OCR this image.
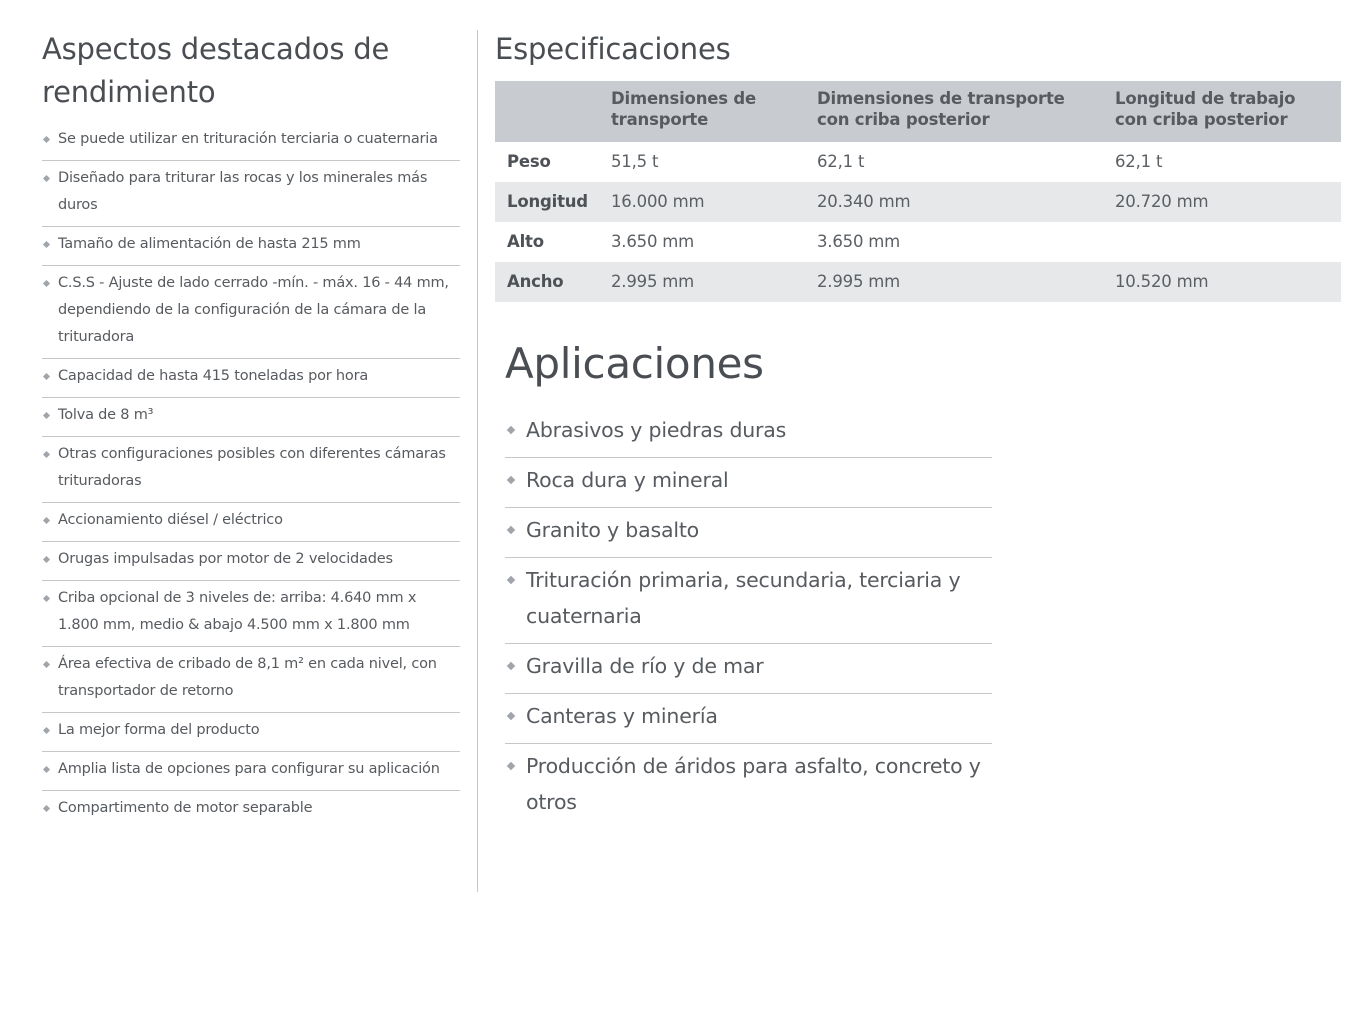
Aspectos destacados de rendimiento
Se puede utilizar en trituración terciaria o cuaternaria
Diseñado para triturar las rocas y los minerales más duros
Tamaño de alimentación de hasta 215 mm
C.S.S - Ajuste de lado cerrado -mín. - máx. 16 - 44 mm, dependiendo de la configuración de la cámara de la trituradora
Capacidad de hasta 415 toneladas por hora
Tolva de 8 m³
Otras configuraciones posibles con diferentes cámaras trituradoras
Accionamiento diésel / eléctrico
Orugas impulsadas por motor de 2 velocidades
Criba opcional de 3 niveles de: arriba: 4.640 mm x 1.800 mm, medio & abajo 4.500 mm x 1.800 mm
Área efectiva de cribado de 8,1 m² en cada nivel, con transportador de retorno
La mejor forma del producto
Amplia lista de opciones para configurar su aplicación
Compartimento de motor separable
Especificaciones
	Dimensiones de transporte	Dimensiones de transporte con criba posterior	Longitud de trabajo con criba posterior
Peso	51,5 t	62,1 t	62,1 t
Longitud	16.000 mm	20.340 mm	20.720 mm
Alto	3.650 mm	3.650 mm	
Ancho	2.995 mm	2.995 mm	10.520 mm
Aplicaciones
Abrasivos y piedras duras
Roca dura y mineral
Granito y basalto
Trituración primaria, secundaria, terciaria y cuaternaria
Gravilla de río y de mar
Canteras y minería
Producción de áridos para asfalto, concreto y otros
